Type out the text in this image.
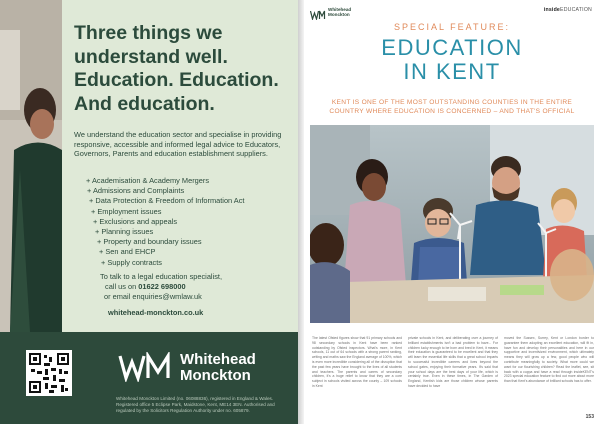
Three things we
understand well.
Education. Education.
And education.

We understand the education sector and specialise in providing responsive, accessible and informed legal advice to Educators, Governors, Parents and education establishment suppliers.

+ Academisation & Academy Mergers
+ Admissions and Complaints
+ Data Protection & Freedom of Information Act
+ Employment issues
+ Exclusions and appeals
+ Planning issues
+ Property and boundary issues
+ Sen and EHCP
+ Supply contracts
To talk to a legal education specialist,
call us on 01622 698000
or email enquiries@wmlaw.uk
whitehead-monckton.co.uk
Whitehead
Monckton

Whitehead Monckton Limited (no. 06088836), registered in England & Wales. Registered office 5 Eclipse Park, Maidstone, Kent, ME14 3EN. Authorised and regulated by the Solicitors Regulation Authority under no. 605879.

Whitehead
Monckton
insideEDUCATION
SPECIAL FEATURE:
EDUCATION
IN KENT

KENT IS ONE OF THE MOST OUTSTANDING COUNTIES IN THE ENTIRE COUNTRY WHERE EDUCATION IS CONCERNED – AND THAT'S OFFICIAL

The latest Ofsted figures show that 91 primary schools and 98 secondary schools in Kent have been ranked outstanding by Ofsted inspectors. What's more, in Kent schools, 11 out of 64 schools with a strong parent ranking, writing and maths saw the England average of 100%, which is even more incredible considering all of the disruption that the past few years have brought to the lives of all students and teachers. The parents and carers of secondary children, it's a huge relief to know that they are a core subject in schools visited across the county – 109 schools in Kent

private schools in Kent, and deliberating over a journey of brilliant establishments isn't a bad problem to have... For children lucky enough to be born and bred in Kent, it means their education is guaranteed to be excellent and that they will learn the essential life skills that a great school imparts to successful incredible careers and lives beyond the school gates, enjoying their formative years. It's said that your school days are the best days of your life, which is certainly true. Even in these times, in The Garden of England, Kentish kids are those children whose parents have decided to have

moved the Sussex, Surrey, Kent or London border to guarantee them adopting an excellent education, will fit in, have fun and develop their personalities and here in our supportive and incentivized environment, which ultimately means they will grow up a few, good people who will contribute meaningfully to society. What more could we want for our flourishing children? Read the leaflet, see, sit back with a cuppa and have a read through insideKENT's 2023 special education feature to find out more about more than that Kent's abundance of brilliant schools has to offer.

153
